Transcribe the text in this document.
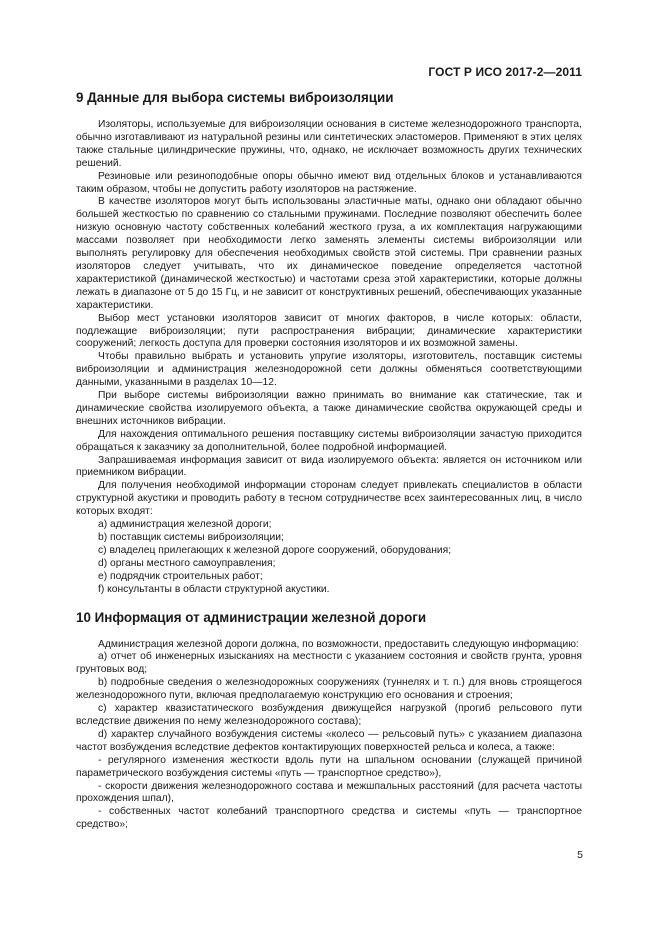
ГОСТ Р ИСО 2017-2—2011
9 Данные для выбора системы виброизоляции

Изоляторы, используемые для виброизоляции основания в системе железнодорожного транспорта, обычно изготавливают из натуральной резины или синтетических эластомеров. Применяют в этих целях также стальные цилиндрические пружины, что, однако, не исключает возможность других технических решений.

Резиновые или резиноподобные опоры обычно имеют вид отдельных блоков и устанавливаются таким образом, чтобы не допустить работу изоляторов на растяжение.

В качестве изоляторов могут быть использованы эластичные маты, однако они обладают обычно большей жесткостью по сравнению со стальными пружинами. Последние позволяют обеспечить более низкую основную частоту собственных колебаний жесткого груза, а их комплектация нагружающими массами позволяет при необходимости легко заменять элементы системы виброизоляции или выполнять регулировку для обеспечения необходимых свойств этой системы. При сравнении разных изоляторов следует учитывать, что их динамическое поведение определяется частотной характеристикой (динамической жесткостью) и частотами среза этой характеристики, которые должны лежать в диапазоне от 5 до 15 Гц, и не зависит от конструктивных решений, обеспечивающих указанные характеристики.

Выбор мест установки изоляторов зависит от многих факторов, в числе которых: области, подлежащие виброизоляции; пути распространения вибрации; динамические характеристики сооружений; легкость доступа для проверки состояния изоляторов и их возможной замены.

Чтобы правильно выбрать и установить упругие изоляторы, изготовитель, поставщик системы виброизоляции и администрация железнодорожной сети должны обменяться соответствующими данными, указанными в разделах 10—12.

При выборе системы виброизоляции важно принимать во внимание как статические, так и динамические свойства изолируемого объекта, а также динамические свойства окружающей среды и внешних источников вибрации.

Для нахождения оптимального решения поставщику системы виброизоляции зачастую приходится обращаться к заказчику за дополнительной, более подробной информацией.

Запрашиваемая информация зависит от вида изолируемого объекта: является он источником или приемником вибрации.

Для получения необходимой информации сторонам следует привлекать специалистов в области структурной акустики и проводить работу в тесном сотрудничестве всех заинтересованных лиц, в число которых входят:

a) администрация железной дороги;

b) поставщик системы виброизоляции;

c) владелец прилегающих к железной дороге сооружений, оборудования;

d) органы местного самоуправления;

e) подрядчик строительных работ;

f) консультанты в области структурной акустики.

10 Информация от администрации железной дороги

Администрация железной дороги должна, по возможности, предоставить следующую информацию:

a) отчет об инженерных изысканиях на местности с указанием состояния и свойств грунта, уровня грунтовых вод;

b) подробные сведения о железнодорожных сооружениях (туннелях и т. п.) для вновь строящегося железнодорожного пути, включая предполагаемую конструкцию его основания и строения;

c) характер квазистатического возбуждения движущейся нагрузкой (прогиб рельсового пути вследствие движения по нему железнодорожного состава);

d) характер случайного возбуждения системы «колесо — рельсовый путь» с указанием диапазона частот возбуждения вследствие дефектов контактирующих поверхностей рельса и колеса, а также:

- регулярного изменения жесткости вдоль пути на шпальном основании (служащей причиной параметрического возбуждения системы «путь — транспортное средство»),

- скорости движения железнодорожного состава и межшпальных расстояний (для расчета частоты прохождения шпал),

- собственных частот колебаний транспортного средства и системы «путь — транспортное средство»;

5
